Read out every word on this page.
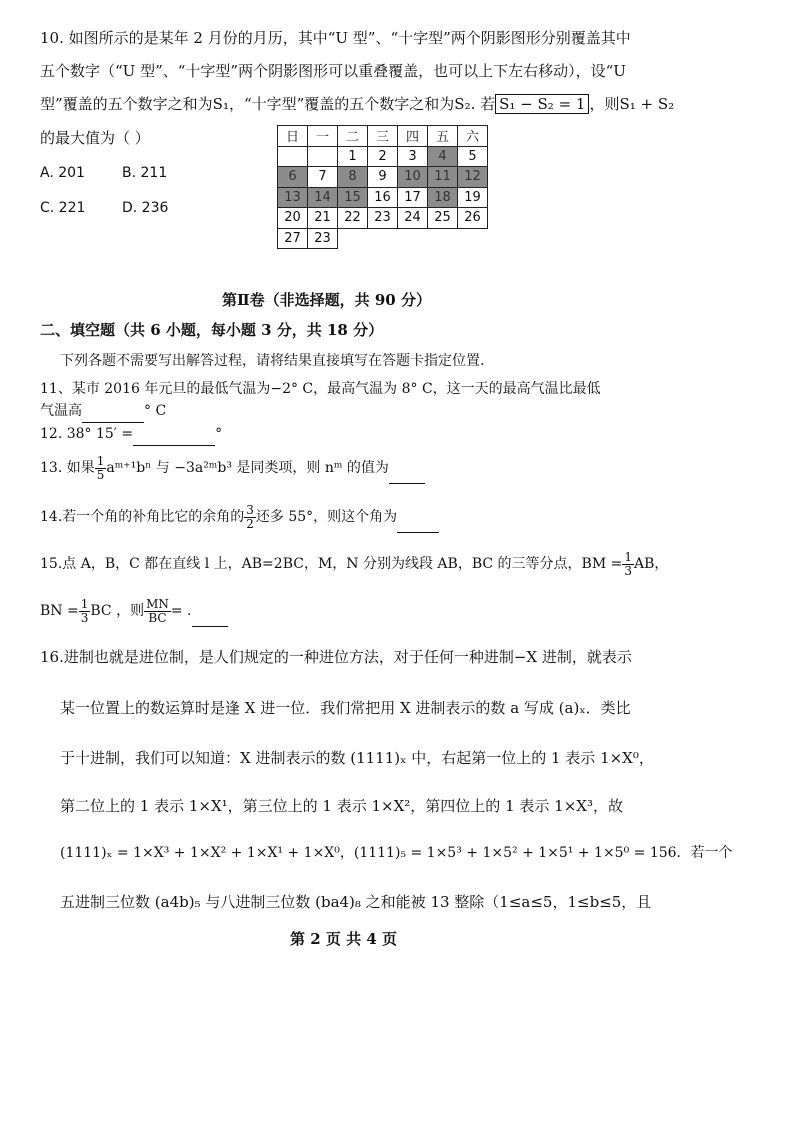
10. 如图所示的是某年 2 月份的月历，其中“U 型”、“十字型”两个阴影图形分别覆盖其中
五个数字（“U 型”、“十字型”两个阴影图形可以重叠覆盖，也可以上下左右移动），设“U
型”覆盖的五个数字之和为S₁，“十字型”覆盖的五个数字之和为S₂. 若 S₁ − S₂ = 1 ，则S₁ + S₂
的最大值为（ ）
A. 201	B. 211
C. 221	D. 236
日	一	二	三	四	五	六
		1	2	3	4	5
6	7	8	9	10	11	12
13	14	15	16	17	18	19
20	21	22	23	24	25	26
27	23					
第Ⅱ卷（非选择题，共 90 分）
二、填空题（共 6 小题，每小题 3 分，共 18 分）
下列各题不需要写出解答过程，请将结果直接填写在答题卡指定位置.
11、某市 2016 年元旦的最低气温为−2° C，最高气温为 8° C，这一天的最高气温比最低
气温高	° C
12. 38° 15′ =	°
13. 如果 $\frac{1}{5}$ aᵐ⁺¹bⁿ 与 −3a²ᵐb³ 是同类项，则 nᵐ 的值为
14.若一个角的补角比它的余角的 $\frac{3}{2}$ 还多 55°，则这个角为
15.点 A，B，C 都在直线 l 上，AB=2BC，M，N 分别为线段 AB，BC 的三等分点，BM = $\frac{1}{3}$ AB，
BN = $\frac{1}{3}$ BC ，则 $\frac{MN}{BC}$ = .
16.进制也就是进位制，是人们规定的一种进位方法，对于任何一种进制−X 进制，就表示
某一位置上的数运算时是逢 X 进一位．我们常把用 X 进制表示的数 a 写成 (a)ₓ．类比
于十进制，我们可以知道：X 进制表示的数 (1111)ₓ 中，右起第一位上的 1 表示 1×X⁰，
第二位上的 1 表示 1×X¹，第三位上的 1 表示 1×X²，第四位上的 1 表示 1×X³，故
(1111)ₓ = 1×X³ + 1×X² + 1×X¹ + 1×X⁰，(1111)₅ = 1×5³ + 1×5² + 1×5¹ + 1×5⁰ = 156．若一个
五进制三位数 (a4b)₅ 与八进制三位数 (ba4)₈ 之和能被 13 整除（1≤a≤5，1≤b≤5，且
第 2 页 共 4 页
